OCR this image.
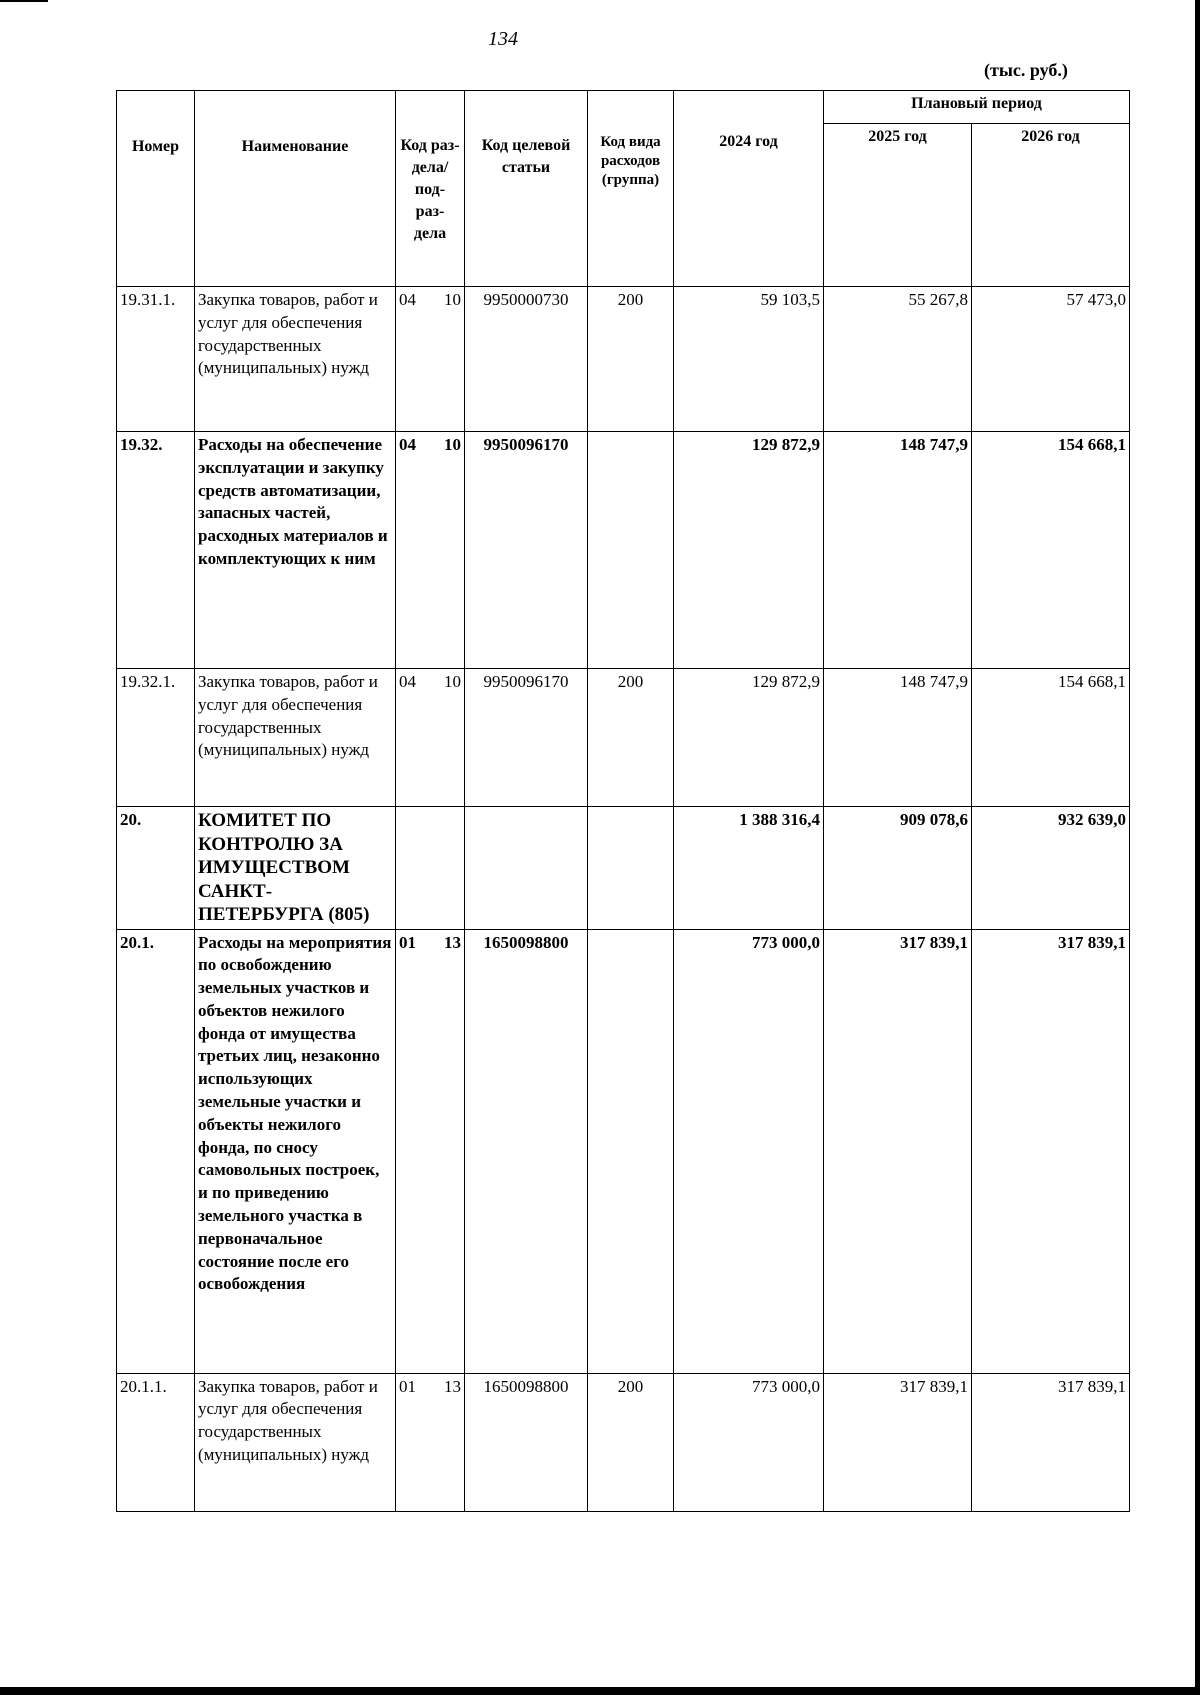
134
(тыс. руб.)
Номер	Наименование	Код раз- дела/ под- раз- дела		Код целевой статьи	Код вида расходов (группа)	2024 год	Плановый период	
							2025 год	2026 год
19.31.1.	Закупка товаров, работ и услуг для обеспечения государственных (муниципальных) нужд	04	10	9950000730	200	59 103,5	55 267,8	57 473,0
19.32.	Расходы на обеспечение эксплуатации и закупку средств автоматизации, запасных частей, расходных материалов и комплектующих к ним	04	10	9950096170		129 872,9	148 747,9	154 668,1
19.32.1.	Закупка товаров, работ и услуг для обеспечения государственных (муниципальных) нужд	04	10	9950096170	200	129 872,9	148 747,9	154 668,1
20.	КОМИТЕТ ПО КОНТРОЛЮ ЗА ИМУЩЕСТВОМ САНКТ-ПЕТЕРБУРГА (805)					1 388 316,4	909 078,6	932 639,0
20.1.	Расходы на мероприятия по освобождению земельных участков и объектов нежилого фонда от имущества третьих лиц, незаконно использующих земельные участки и объекты нежилого фонда, по сносу самовольных построек, и по приведению земельного участка в первоначальное состояние после его освобождения	01	13	1650098800		773 000,0	317 839,1	317 839,1
20.1.1.	Закупка товаров, работ и услуг для обеспечения государственных (муниципальных) нужд	01	13	1650098800	200	773 000,0	317 839,1	317 839,1
